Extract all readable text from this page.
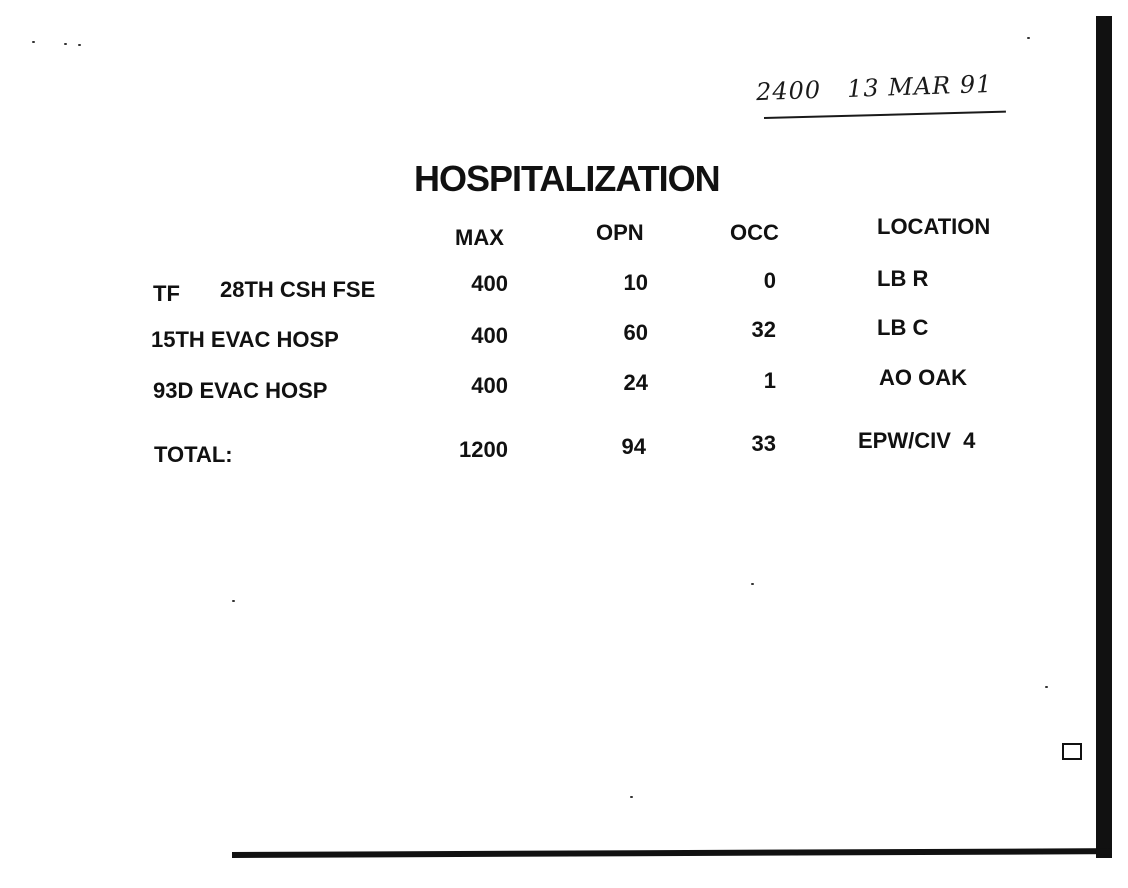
2400 13 MAR 91
HOSPITALIZATION
MAX	OPN	OCC	LOCATION
TF 28TH CSH FSE	400	10	0	LB R
15TH EVAC HOSP	400	60	32	LB C
93D EVAC HOSP	400	24	1	AO OAK
TOTAL:	1200	94	33	EPW/CIV  4
